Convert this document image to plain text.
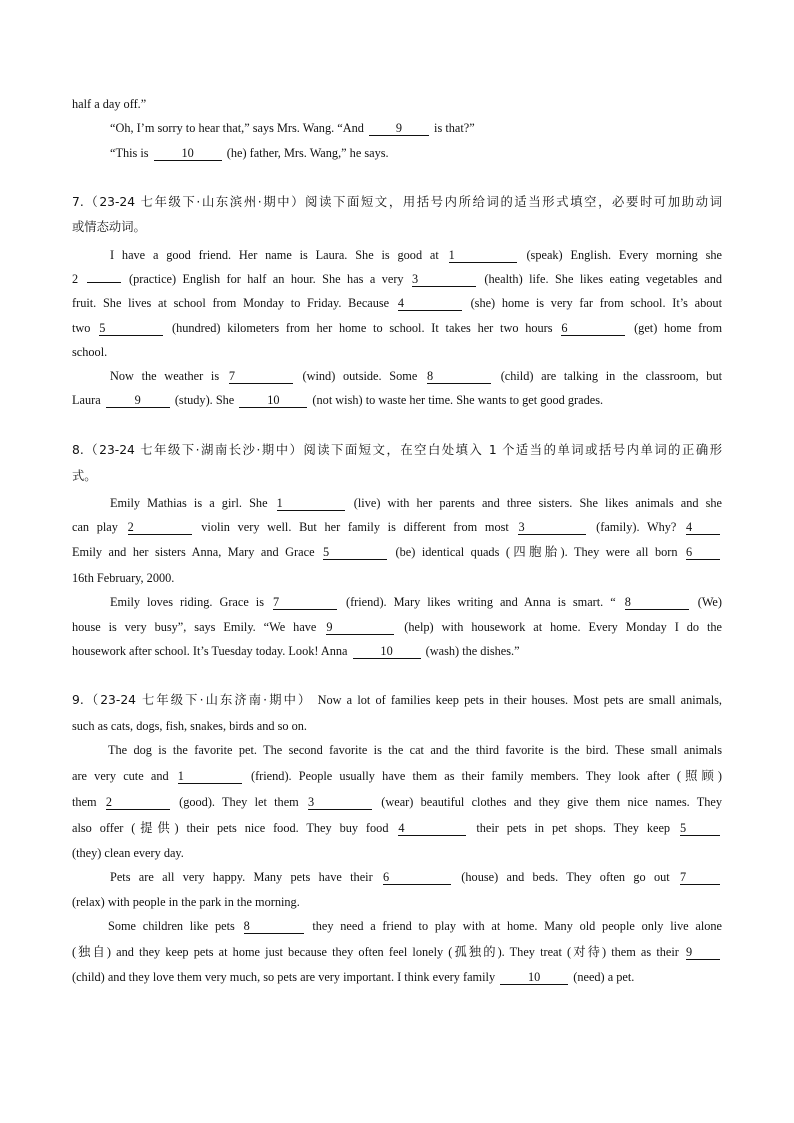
half a day off.”
“Oh, I’m sorry to hear that,” says Mrs. Wang. “And 9	is that?”
“This is 10	(he) father, Mrs. Wang,” he says.
7.（23-24 七年级下·山东滨州·期中）阅读下面短文，用括号内所给词的适当形式填空，必要时可加助动词
或情态动词。
I have a good friend. Her name is Laura. She is good at 1	(speak) English. Every morning she
2	(practice) English for half an hour. She has a very 3	(health) life. She likes eating vegetables and
fruit. She lives at school from Monday to Friday. Because 4	(she) home is very far from school. It’s about
two 5	(hundred) kilometers from her home to school. It takes her two hours 6	(get) home from
school.
Now the weather is 7	(wind) outside. Some 8	(child) are talking in the classroom, but
Laura	9	(study). She 10	(not wish) to waste her time. She wants to get good grades.
8.（23-24 七年级下·湖南长沙·期中）阅读下面短文，在空白处填入 1 个适当的单词或括号内单词的正确形
式。
Emily Mathias is a girl. She 1	(live) with her parents and three sisters. She likes animals and she
can play 2	violin very well. But her family is different from most 3	(family). Why? 4
Emily and her sisters Anna, Mary and Grace 5	(be) identical quads (四胞胎). They were all born 6
16th February, 2000.
Emily loves riding. Grace is 7	(friend). Mary likes writing and Anna is smart. “ 8	(We)
house is very busy”, says Emily. “We have 9	(help) with housework at home. Every Monday I do the
housework after school. It’s Tuesday today. Look! Anna 10	(wash) the dishes.”
9.（23-24 七年级下·山东济南·期中） Now a lot of families keep pets in their houses. Most pets are small animals,
such as cats, dogs, fish, snakes, birds and so on.
The dog is the favorite pet. The second favorite is the cat and the third favorite is the bird. These small animals
are very cute and 1	(friend). People usually have them as their family members. They look after (照顾)
them 2	(good). They let them 3	(wear) beautiful clothes and they give them nice names. They
also offer (提供) their pets nice food. They buy food 4	their pets in pet shops. They keep 5
(they) clean every day.
Pets are all very happy. Many pets have their 6	(house) and beds. They often go out 7
(relax) with people in the park in the morning.
Some children like pets 8	they need a friend to play with at home. Many old people only live alone
(独自) and they keep pets at home just because they often feel lonely (孤独的). They treat (对待) them as their 9
(child) and they love them very much, so pets are very important. I think every family 10	(need) a pet.
